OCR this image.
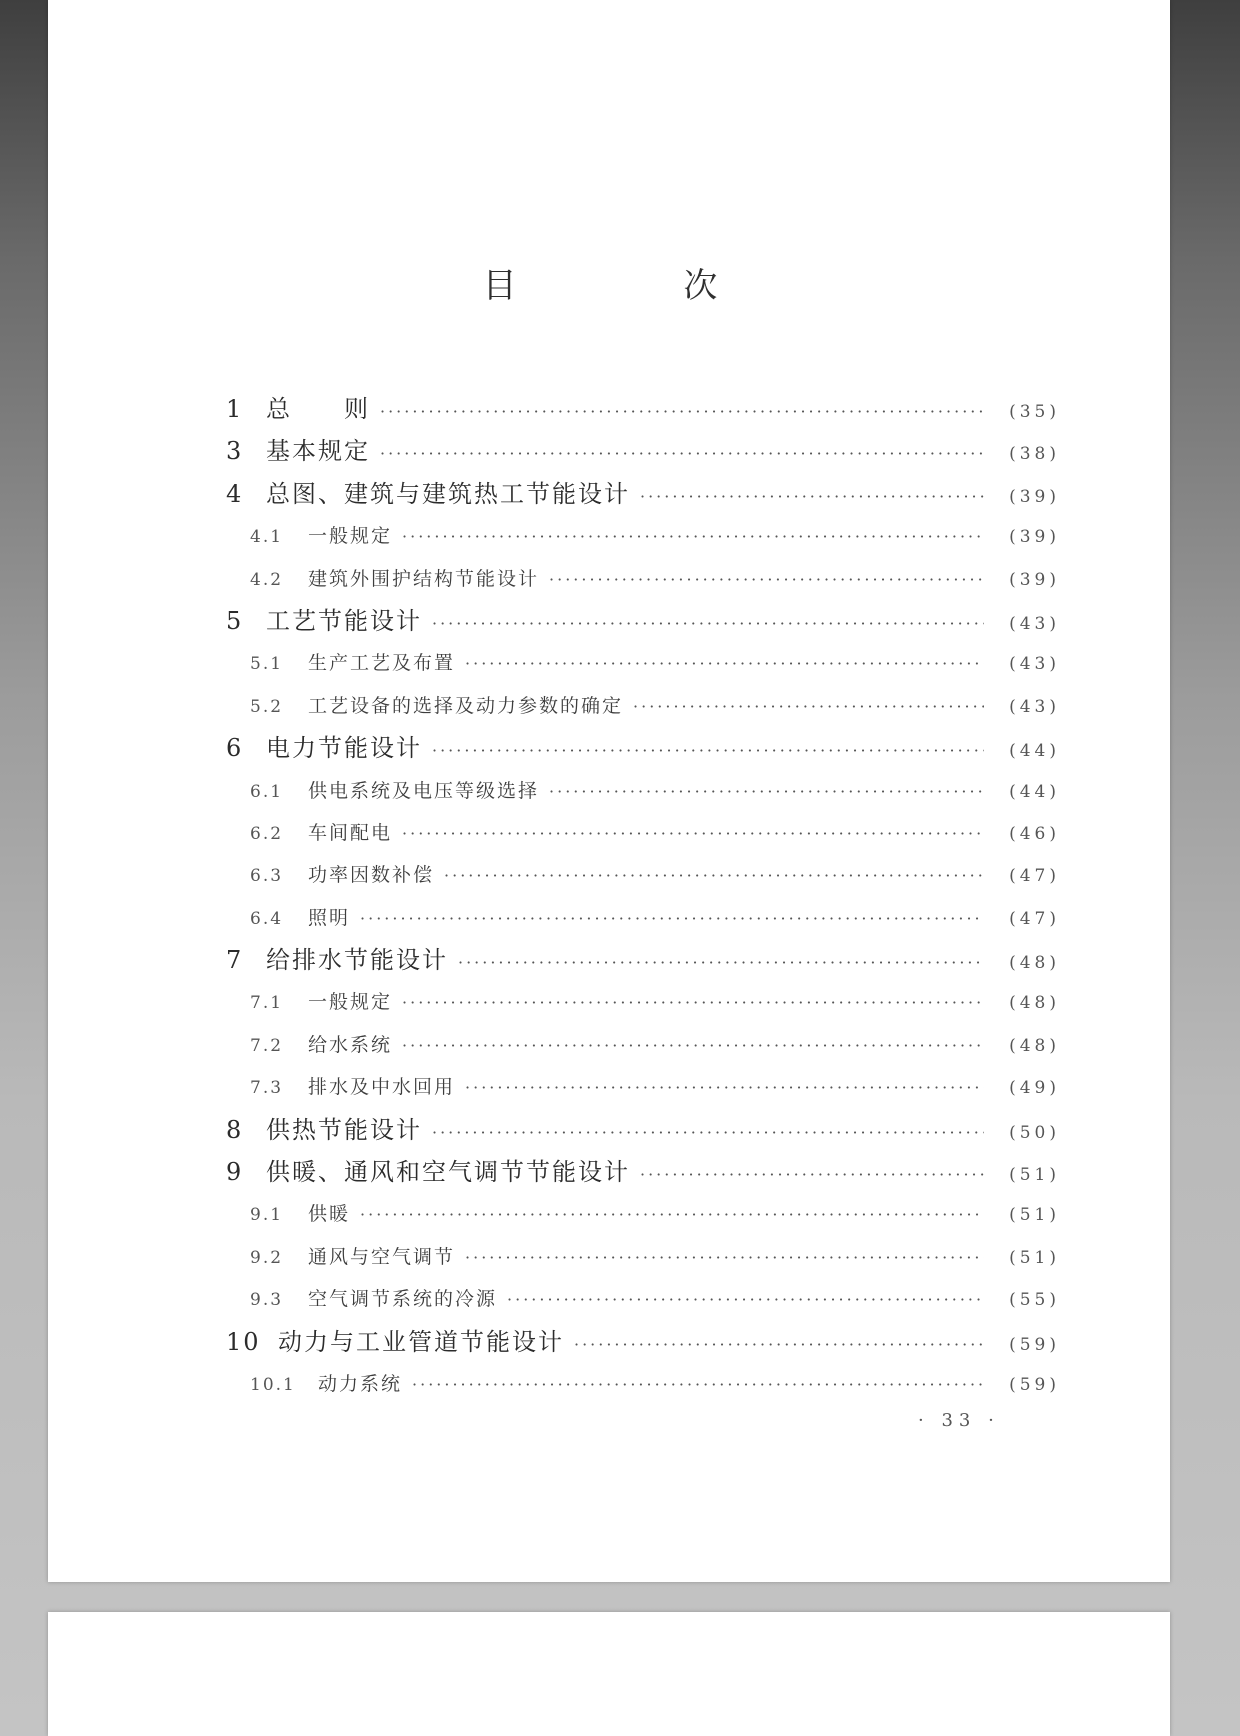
目 次
1 总　　则 ·····	(35)
3 基本规定 ·····	(38)
4 总图、建筑与建筑热工节能设计 ·····	(39)
4.1	一般规定 ·····	(39)
4.2	建筑外围护结构节能设计 ·····	(39)
5 工艺节能设计 ·····	(43)
5.1	生产工艺及布置 ·····	(43)
5.2	工艺设备的选择及动力参数的确定 ·····	(43)
6 电力节能设计 ·····	(44)
6.1	供电系统及电压等级选择 ·····	(44)
6.2	车间配电 ·····	(46)
6.3	功率因数补偿 ·····	(47)
6.4	照明 ·····	(47)
7 给排水节能设计 ·····	(48)
7.1	一般规定 ·····	(48)
7.2	给水系统 ·····	(48)
7.3	排水及中水回用 ·····	(49)
8 供热节能设计 ·····	(50)
9 供暖、通风和空气调节节能设计 ·····	(51)
9.1	供暖 ·····	(51)
9.2	通风与空气调节 ·····	(51)
9.3	空气调节系统的冷源 ·····	(55)
10 动力与工业管道节能设计 ·····	(59)
10.1	动力系统 ·····	(59)
· 33 ·
